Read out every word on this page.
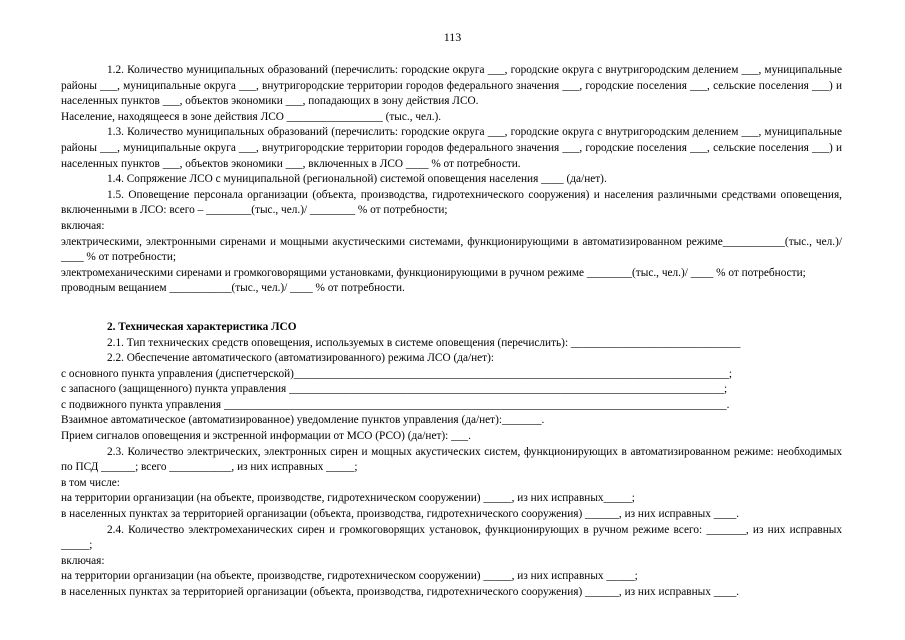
113

1.2. Количество муниципальных образований (перечислить: городские округа ___, городские округа с внутригородским делением ___, муниципальные районы ___, муниципальные округа ___, внутригородские территории городов федерального значения ___, городские поселения ___, сельские поселения ___) и населенных пунктов ___, объектов экономики ___, попадающих в зону действия ЛСО.

Население, находящееся в зоне действия ЛСО _________________ (тыс., чел.).

1.3. Количество муниципальных образований (перечислить: городские округа ___, городские округа с внутригородским делением ___, муниципальные районы ___, муниципальные округа ___, внутригородские территории городов федерального значения ___, городские поселения ___, сельские поселения ___) и населенных пунктов ___, объектов экономики ___, включенных в ЛСО ____ % от потребности.

1.4. Сопряжение ЛСО с муниципальной (региональной) системой оповещения населения ____ (да/нет).

1.5. Оповещение персонала организации (объекта, производства, гидротехнического сооружения) и населения различными средствами оповещения, включенными в ЛСО: всего – ________(тыс., чел.)/ ________ % от потребности;

включая:

электрическими, электронными сиренами и мощными акустическими системами, функционирующими в автоматизированном режиме___________(тыс., чел.)/ ____ % от потребности;

электромеханическими сиренами и громкоговорящими установками, функционирующими в ручном режиме ________(тыс., чел.)/ ____ % от потребности;

проводным вещанием ___________(тыс., чел.)/ ____ % от потребности.

2. Техническая характеристика ЛСО

2.1. Тип технических средств оповещения, используемых в системе оповещения (перечислить): ______________________________

2.2. Обеспечение автоматического (автоматизированного) режима ЛСО (да/нет):

с основного пункта управления (диспетчерской)_____________________________________________________________________________;

с запасного (защищенного) пункта управления _____________________________________________________________________________;

с подвижного пункта управления _________________________________________________________________________________________.

Взаимное автоматическое (автоматизированное) уведомление пунктов управления (да/нет):_______.

Прием сигналов оповещения и экстренной информации от МСО (РСО) (да/нет): ___.

2.3. Количество электрических, электронных сирен и мощных акустических систем, функционирующих в автоматизированном режиме: необходимых по ПСД ______; всего ___________, из них исправных _____;

в том числе:

на территории организации (на объекте, производстве, гидротехническом сооружении) _____, из них исправных_____;

в населенных пунктах за территорией организации (объекта, производства, гидротехнического сооружения) ______, из них исправных ____.

2.4. Количество электромеханических сирен и громкоговорящих установок, функционирующих в ручном режиме всего: _______, из них исправных _____;

включая:

на территории организации (на объекте, производстве, гидротехническом сооружении) _____, из них исправных _____;

в населенных пунктах за территорией организации (объекта, производства, гидротехнического сооружения) ______, из них исправных ____.
